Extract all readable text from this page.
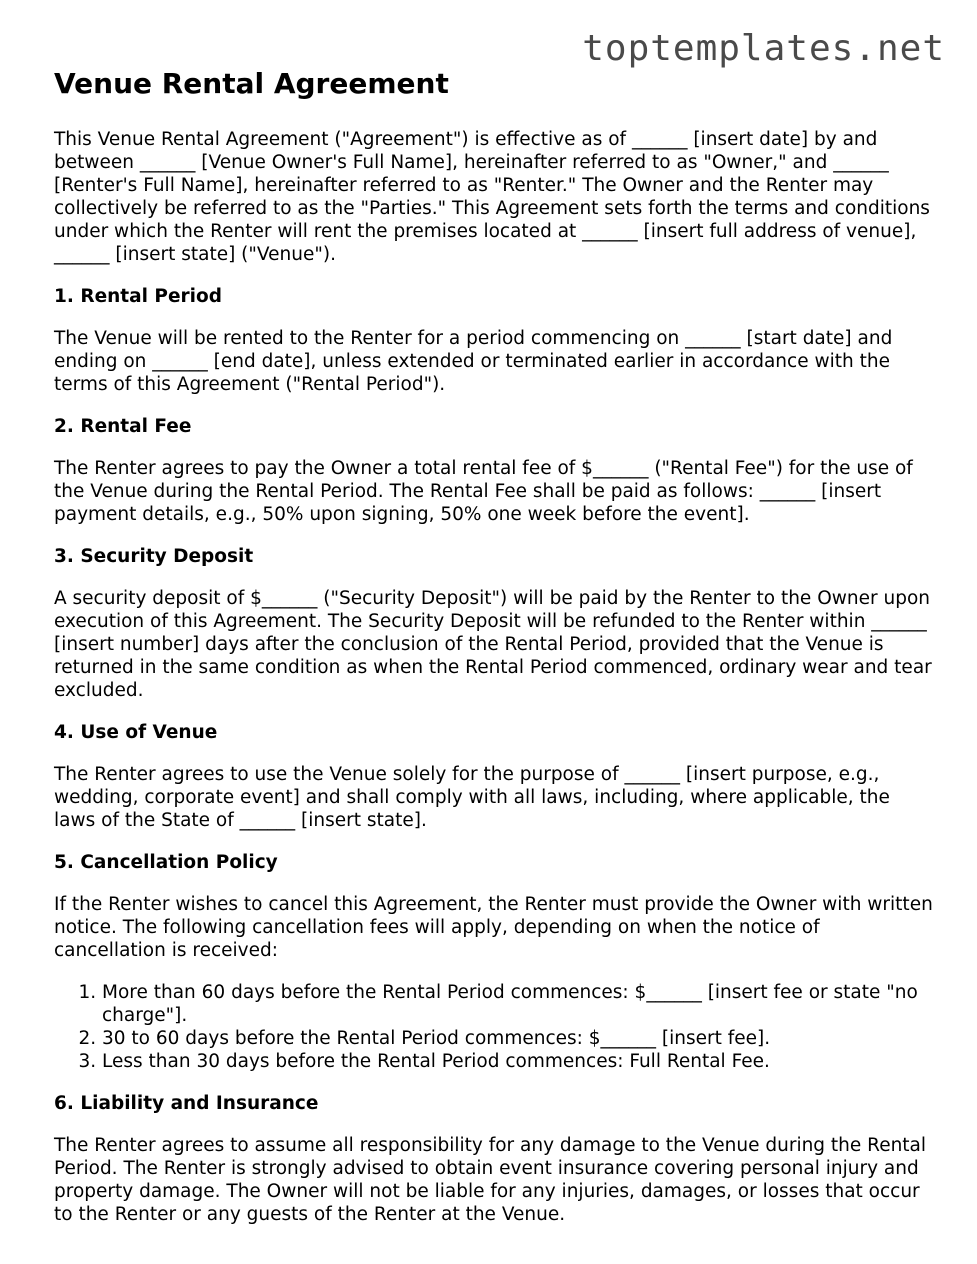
toptemplates.net
Venue Rental Agreement

This Venue Rental Agreement ("Agreement") is effective as of ______ [insert date] by and between ______ [Venue Owner's Full Name], hereinafter referred to as "Owner," and ______ [Renter's Full Name], hereinafter referred to as "Renter." The Owner and the Renter may collectively be referred to as the "Parties." This Agreement sets forth the terms and conditions under which the Renter will rent the premises located at ______ [insert full address of venue], ______ [insert state] ("Venue").

1. Rental Period

The Venue will be rented to the Renter for a period commencing on ______ [start date] and ending on ______ [end date], unless extended or terminated earlier in accordance with the terms of this Agreement ("Rental Period").

2. Rental Fee

The Renter agrees to pay the Owner a total rental fee of $______ ("Rental Fee") for the use of the Venue during the Rental Period. The Rental Fee shall be paid as follows: ______ [insert payment details, e.g., 50% upon signing, 50% one week before the event].

3. Security Deposit

A security deposit of $______ ("Security Deposit") will be paid by the Renter to the Owner upon execution of this Agreement. The Security Deposit will be refunded to the Renter within ______ [insert number] days after the conclusion of the Rental Period, provided that the Venue is returned in the same condition as when the Rental Period commenced, ordinary wear and tear excluded.

4. Use of Venue

The Renter agrees to use the Venue solely for the purpose of ______ [insert purpose, e.g., wedding, corporate event] and shall comply with all laws, including, where applicable, the laws of the State of ______ [insert state].

5. Cancellation Policy

If the Renter wishes to cancel this Agreement, the Renter must provide the Owner with written notice. The following cancellation fees will apply, depending on when the notice of cancellation is received:

1. More than 60 days before the Rental Period commences: $______ [insert fee or state "no charge"].
2. 30 to 60 days before the Rental Period commences: $______ [insert fee].
3. Less than 30 days before the Rental Period commences: Full Rental Fee.
6. Liability and Insurance

The Renter agrees to assume all responsibility for any damage to the Venue during the Rental Period. The Renter is strongly advised to obtain event insurance covering personal injury and property damage. The Owner will not be liable for any injuries, damages, or losses that occur to the Renter or any guests of the Renter at the Venue.
